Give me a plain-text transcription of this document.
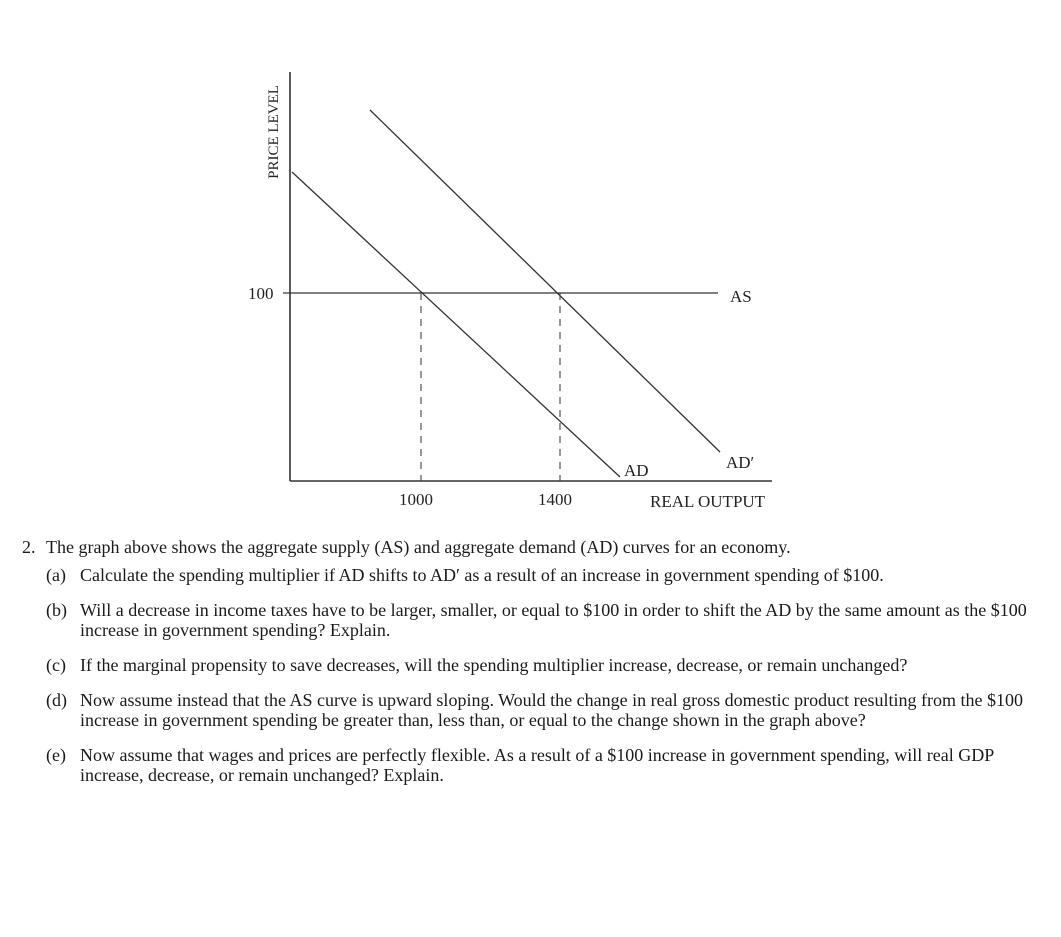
PRICE LEVEL
100	AS
AD	AD′
1000	1400	REAL OUTPUT
2. The graph above shows the aggregate supply (AS) and aggregate demand (AD) curves for an economy.
(a) Calculate the spending multiplier if AD shifts to AD′ as a result of an increase in government spending of $100.
(b) Will a decrease in income taxes have to be larger, smaller, or equal to $100 in order to shift the AD by the same amount as the $100 increase in government spending? Explain.
(c) If the marginal propensity to save decreases, will the spending multiplier increase, decrease, or remain unchanged?
(d) Now assume instead that the AS curve is upward sloping. Would the change in real gross domestic product resulting from the $100 increase in government spending be greater than, less than, or equal to the change shown in the graph above?
(e) Now assume that wages and prices are perfectly flexible. As a result of a $100 increase in government spending, will real GDP increase, decrease, or remain unchanged? Explain.
